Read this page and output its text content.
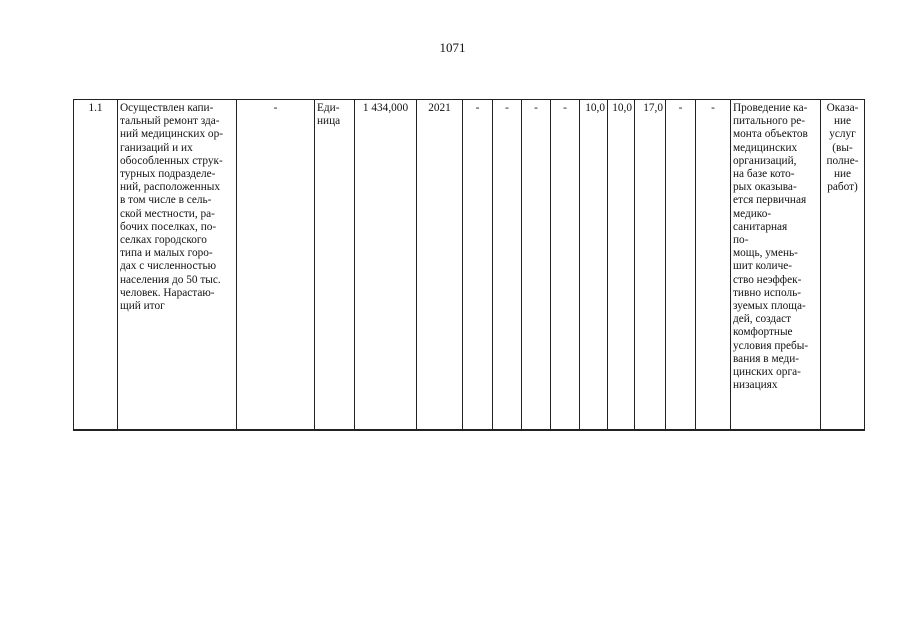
1071
1.1	Осуществлен капи-
тальный ремонт зда-
ний медицинских ор-
ганизаций и их
обособленных струк-
турных подразделе-
ний, расположенных
в том числе в сель-
ской местности, ра-
бочих поселках, по-
селках городского
типа и малых горо-
дах с численностью
населения до 50 тыс.
человек. Нарастаю-
щий итог	-	Еди-
ница	1 434,000	2021	-	-	-	-	10,0	10,0	17,0	-	-	Проведение ка-
питального ре-
монта объектов
медицинских
организаций,
на базе кото-
рых оказыва-
ется первичная
медико-санитарная
по-
мощь, умень-
шит количе-
ство неэффек-
тивно исполь-
зуемых площа-
дей, создаст
комфортные
условия пребы-
вания в меди-
цинских орга-
низациях	Оказа-
ние
услуг
(вы-
полне-
ние
работ)
